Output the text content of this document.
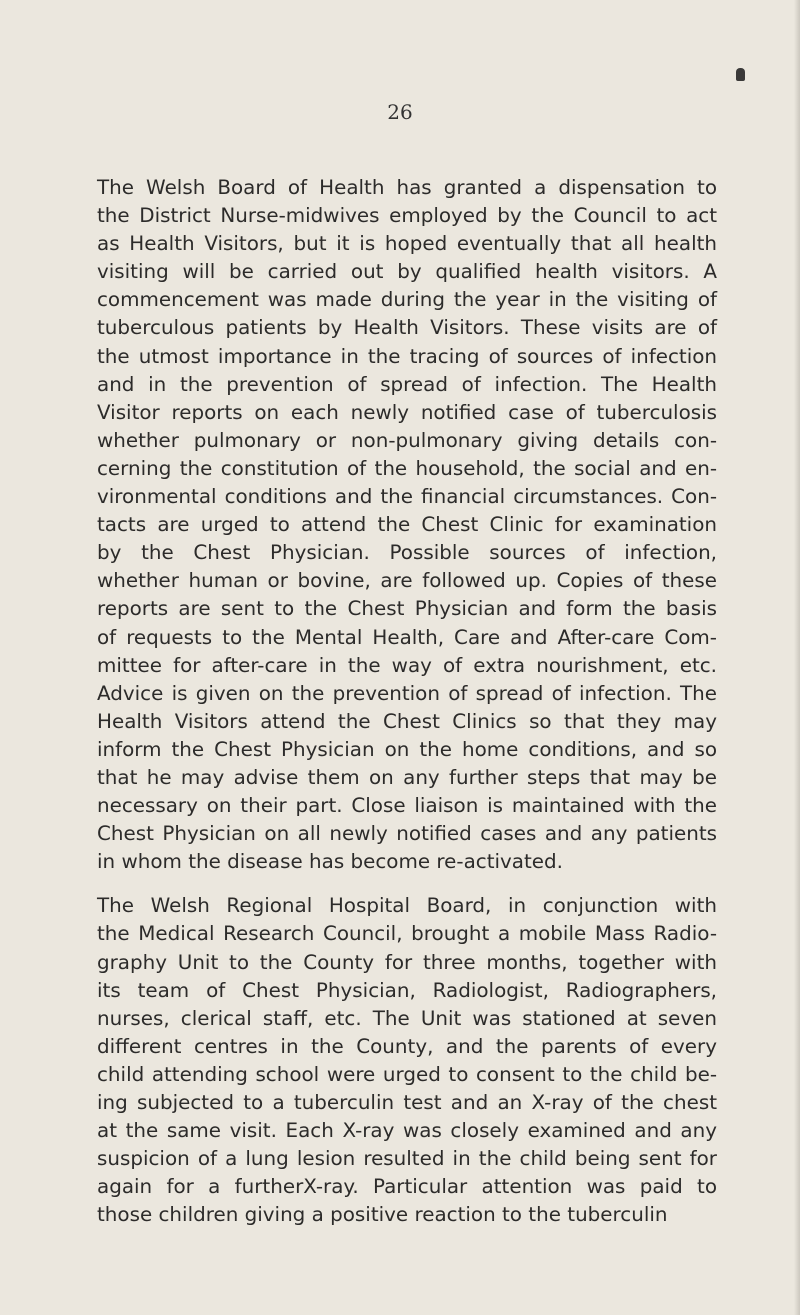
26
The Welsh Board of Health has granted a dispensation to
the District Nurse-midwives employed by the Council to act
as Health Visitors, but it is hoped eventually that all health
visiting will be carried out by qualified health visitors. A
commencement was made during the year in the visiting of
tuberculous patients by Health Visitors. These visits are of
the utmost importance in the tracing of sources of infection
and in the prevention of spread of infection. The Health
Visitor reports on each newly notified case of tuberculosis
whether pulmonary or non-pulmonary giving details con-
cerning the constitution of the household, the social and en-
vironmental conditions and the financial circumstances. Con-
tacts are urged to attend the Chest Clinic for examination
by the Chest Physician. Possible sources of infection,
whether human or bovine, are followed up. Copies of these
reports are sent to the Chest Physician and form the basis
of requests to the Mental Health, Care and After-care Com-
mittee for after-care in the way of extra nourishment, etc.
Advice is given on the prevention of spread of infection. The
Health Visitors attend the Chest Clinics so that they may
inform the Chest Physician on the home conditions, and so
that he may advise them on any further steps that may be
necessary on their part. Close liaison is maintained with the
Chest Physician on all newly notified cases and any patients
in whom the disease has become re-activated.
The Welsh Regional Hospital Board, in conjunction with
the Medical Research Council, brought a mobile Mass Radio-
graphy Unit to the County for three months, together with
its team of Chest Physician, Radiologist, Radiographers,
nurses, clerical staff, etc. The Unit was stationed at seven
different centres in the County, and the parents of every
child attending school were urged to consent to the child be-
ing subjected to a tuberculin test and an X-ray of the chest
at the same visit. Each X-ray was closely examined and any
suspicion of a lung lesion resulted in the child being sent for
again for a furtherX-ray. Particular attention was paid to
those children giving a positive reaction to the tuberculin
